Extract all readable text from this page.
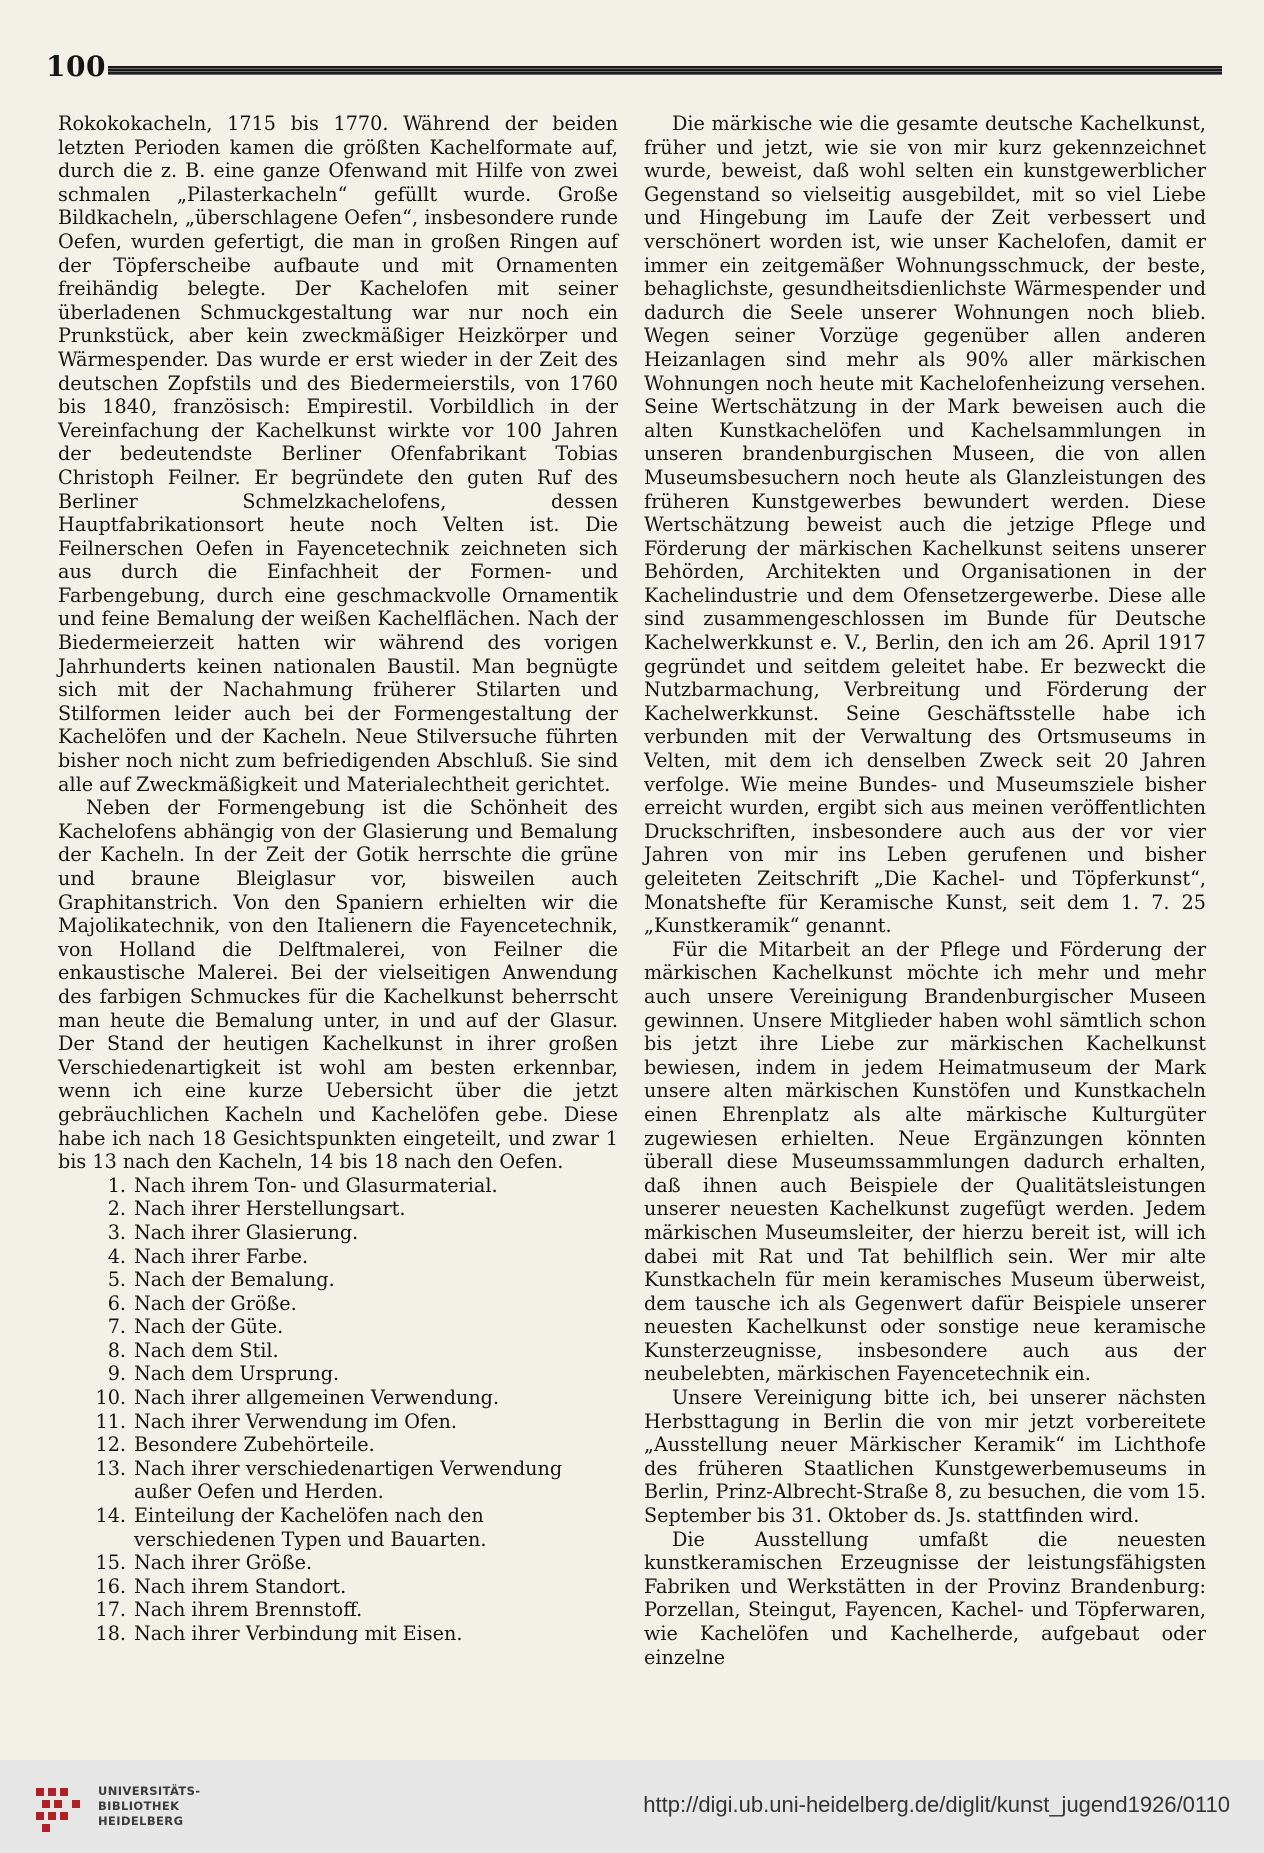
100

Rokokokacheln, 1715 bis 1770. Während der beiden letzten Perioden kamen die größten Kachelformate auf, durch die z. B. eine ganze Ofenwand mit Hilfe von zwei schmalen „Pilasterkacheln“ gefüllt wurde. Große Bildkacheln, „überschlagene Oefen“, insbesondere runde Oefen, wurden gefertigt, die man in großen Ringen auf der Töpferscheibe aufbaute und mit Ornamenten freihändig belegte. Der Kachelofen mit seiner überladenen Schmuckgestaltung war nur noch ein Prunkstück, aber kein zweckmäßiger Heizkörper und Wärmespender. Das wurde er erst wieder in der Zeit des deutschen Zopfstils und des Biedermeierstils, von 1760 bis 1840, französisch: Empirestil. Vorbildlich in der Vereinfachung der Kachelkunst wirkte vor 100 Jahren der bedeutendste Berliner Ofenfabrikant Tobias Christoph Feilner. Er begründete den guten Ruf des Berliner Schmelzkachelofens, dessen Hauptfabrikationsort heute noch Velten ist. Die Feilnerschen Oefen in Fayencetechnik zeichneten sich aus durch die Einfachheit der Formen- und Farbengebung, durch eine geschmackvolle Ornamentik und feine Bemalung der weißen Kachelflächen. Nach der Biedermeierzeit hatten wir während des vorigen Jahrhunderts keinen nationalen Baustil. Man begnügte sich mit der Nachahmung früherer Stilarten und Stilformen leider auch bei der Formengestaltung der Kachelöfen und der Kacheln. Neue Stilversuche führten bisher noch nicht zum befriedigenden Abschluß. Sie sind alle auf Zweckmäßigkeit und Materialechtheit gerichtet.

Neben der Formengebung ist die Schönheit des Kachelofens abhängig von der Glasierung und Bemalung der Kacheln. In der Zeit der Gotik herrschte die grüne und braune Bleiglasur vor, bisweilen auch Graphitanstrich. Von den Spaniern erhielten wir die Majolikatechnik, von den Italienern die Fayencetechnik, von Holland die Delftmalerei, von Feilner die enkaustische Malerei. Bei der vielseitigen Anwendung des farbigen Schmuckes für die Kachelkunst beherrscht man heute die Bemalung unter, in und auf der Glasur. Der Stand der heutigen Kachelkunst in ihrer großen Verschiedenartigkeit ist wohl am besten erkennbar, wenn ich eine kurze Uebersicht über die jetzt gebräuchlichen Kacheln und Kachelöfen gebe. Diese habe ich nach 18 Gesichtspunkten eingeteilt, und zwar 1 bis 13 nach den Kacheln, 14 bis 18 nach den Oefen.

1. Nach ihrem Ton- und Glasurmaterial.
2. Nach ihrer Herstellungsart.
3. Nach ihrer Glasierung.
4. Nach ihrer Farbe.
5. Nach der Bemalung.
6. Nach der Größe.
7. Nach der Güte.
8. Nach dem Stil.
9. Nach dem Ursprung.
10. Nach ihrer allgemeinen Verwendung.
11. Nach ihrer Verwendung im Ofen.
12. Besondere Zubehörteile.
13. Nach ihrer verschiedenartigen Verwendung außer Oefen und Herden.
14. Einteilung der Kachelöfen nach den verschiedenen Typen und Bauarten.
15. Nach ihrer Größe.
16. Nach ihrem Standort.
17. Nach ihrem Brennstoff.
18. Nach ihrer Verbindung mit Eisen.

Die märkische wie die gesamte deutsche Kachelkunst, früher und jetzt, wie sie von mir kurz gekennzeichnet wurde, beweist, daß wohl selten ein kunstgewerblicher Gegenstand so vielseitig ausgebildet, mit so viel Liebe und Hingebung im Laufe der Zeit verbessert und verschönert worden ist, wie unser Kachelofen, damit er immer ein zeitgemäßer Wohnungsschmuck, der beste, behaglichste, gesundheitsdienlichste Wärmespender und dadurch die Seele unserer Wohnungen noch blieb. Wegen seiner Vorzüge gegenüber allen anderen Heizanlagen sind mehr als 90% aller märkischen Wohnungen noch heute mit Kachelofenheizung versehen. Seine Wertschätzung in der Mark beweisen auch die alten Kunstkachelöfen und Kachelsammlungen in unseren brandenburgischen Museen, die von allen Museumsbesuchern noch heute als Glanzleistungen des früheren Kunstgewerbes bewundert werden. Diese Wertschätzung beweist auch die jetzige Pflege und Förderung der märkischen Kachelkunst seitens unserer Behörden, Architekten und Organisationen in der Kachelindustrie und dem Ofensetzergewerbe. Diese alle sind zusammengeschlossen im Bunde für Deutsche Kachelwerkkunst e. V., Berlin, den ich am 26. April 1917 gegründet und seitdem geleitet habe. Er bezweckt die Nutzbarmachung, Verbreitung und Förderung der Kachelwerkkunst. Seine Geschäftsstelle habe ich verbunden mit der Verwaltung des Ortsmuseums in Velten, mit dem ich denselben Zweck seit 20 Jahren verfolge. Wie meine Bundes- und Museumsziele bisher erreicht wurden, ergibt sich aus meinen veröffentlichten Druckschriften, insbesondere auch aus der vor vier Jahren von mir ins Leben gerufenen und bisher geleiteten Zeitschrift „Die Kachel- und Töpferkunst“, Monatshefte für Keramische Kunst, seit dem 1. 7. 25 „Kunstkeramik“ genannt.

Für die Mitarbeit an der Pflege und Förderung der märkischen Kachelkunst möchte ich mehr und mehr auch unsere Vereinigung Brandenburgischer Museen gewinnen. Unsere Mitglieder haben wohl sämtlich schon bis jetzt ihre Liebe zur märkischen Kachelkunst bewiesen, indem in jedem Heimatmuseum der Mark unsere alten märkischen Kunstöfen und Kunstkacheln einen Ehrenplatz als alte märkische Kulturgüter zugewiesen erhielten. Neue Ergänzungen könnten überall diese Museumssammlungen dadurch erhalten, daß ihnen auch Beispiele der Qualitätsleistungen unserer neuesten Kachelkunst zugefügt werden. Jedem märkischen Museumsleiter, der hierzu bereit ist, will ich dabei mit Rat und Tat behilflich sein. Wer mir alte Kunstkacheln für mein keramisches Museum überweist, dem tausche ich als Gegenwert dafür Beispiele unserer neuesten Kachelkunst oder sonstige neue keramische Kunsterzeugnisse, insbesondere auch aus der neubelebten, märkischen Fayencetechnik ein.

Unsere Vereinigung bitte ich, bei unserer nächsten Herbsttagung in Berlin die von mir jetzt vorbereitete „Ausstellung neuer Märkischer Keramik“ im Lichthofe des früheren Staatlichen Kunstgewerbemuseums in Berlin, Prinz-Albrecht-Straße 8, zu besuchen, die vom 15. September bis 31. Oktober ds. Js. stattfinden wird.

Die Ausstellung umfaßt die neuesten kunstkeramischen Erzeugnisse der leistungsfähigsten Fabriken und Werkstätten in der Provinz Brandenburg: Porzellan, Steingut, Fayencen, Kachel- und Töpferwaren, wie Kachelöfen und Kachelherde, aufgebaut oder einzelne

UNIVERSITÄTS-
BIBLIOTHEK
HEIDELBERG
http://digi.ub.uni-heidelberg.de/diglit/kunst_jugend1926/0110
